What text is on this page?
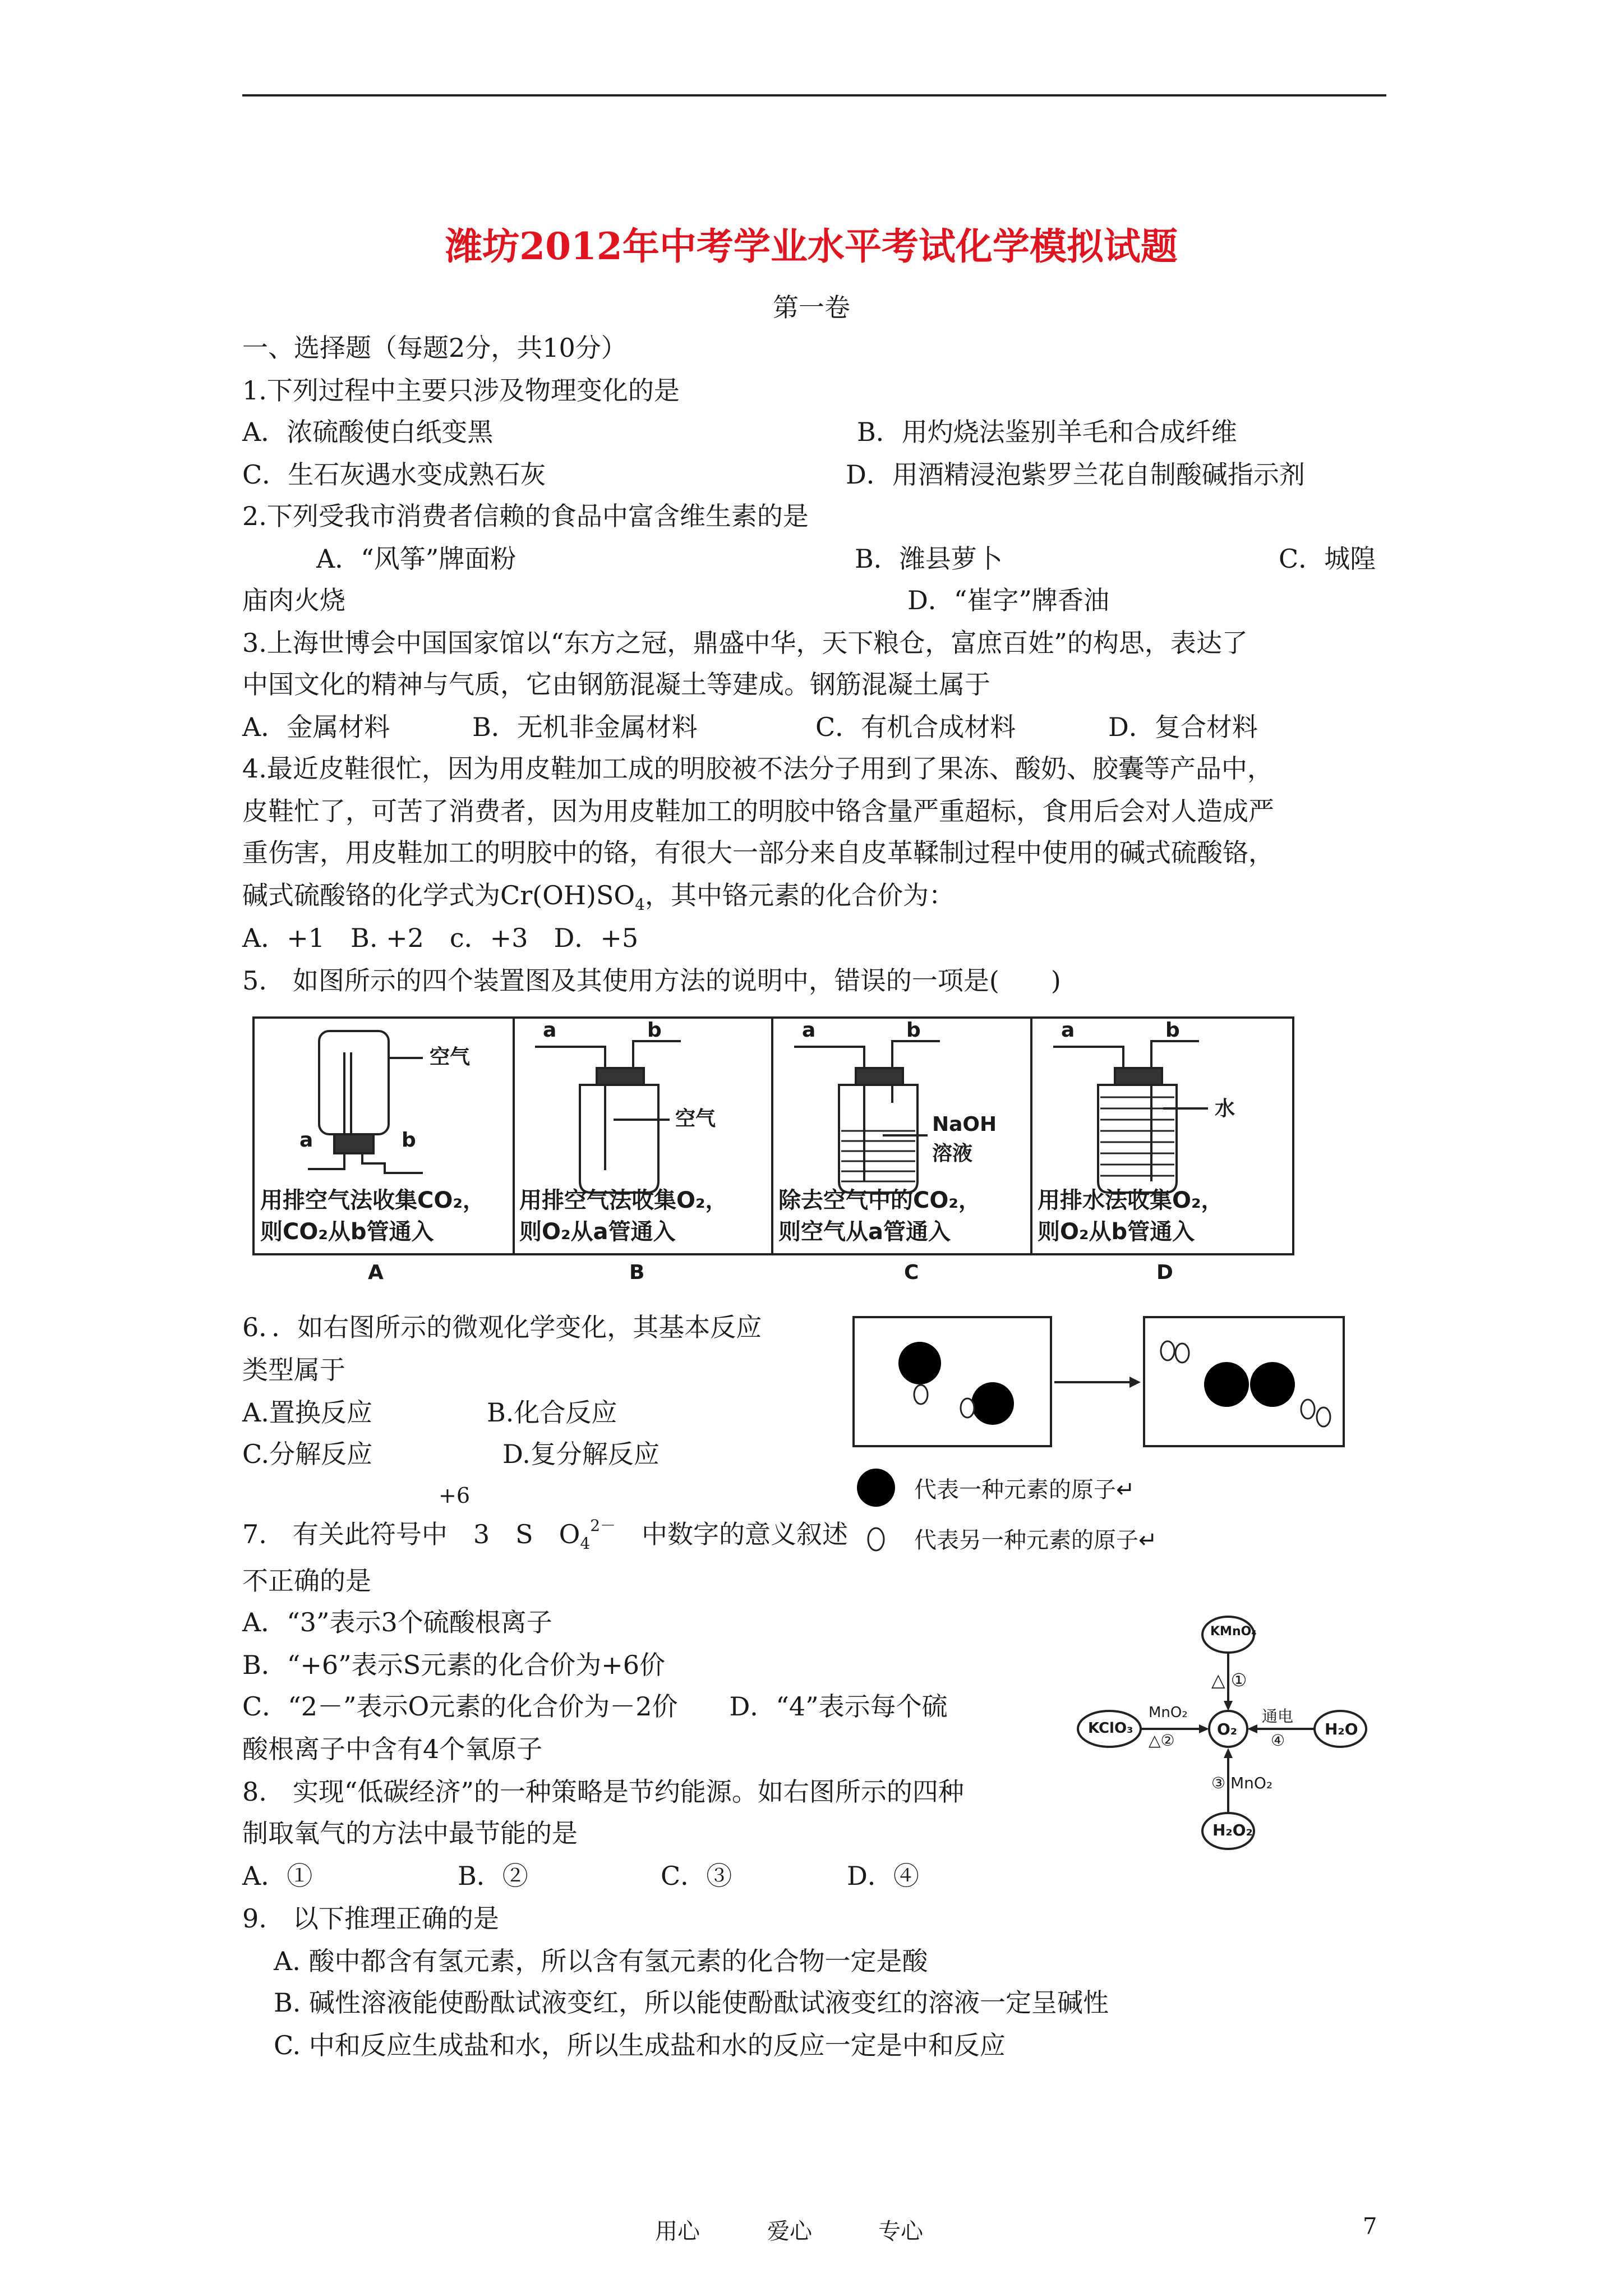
潍坊2012年中考学业水平考试化学模拟试题
第一卷
一、选择题（每题2分，共10分）
1.下列过程中主要只涉及物理变化的是
A．浓硫酸使白纸变黑	B．用灼烧法鉴别羊毛和合成纤维
C．生石灰遇水变成熟石灰	D．用酒精浸泡紫罗兰花自制酸碱指示剂
2.下列受我市消费者信赖的食品中富含维生素的是
A．“风筝”牌面粉	B．潍县萝卜	C．城隍
庙肉火烧	D．“崔字”牌香油
3.上海世博会中国国家馆以“东方之冠，鼎盛中华，天下粮仓，富庶百姓”的构思，表达了
中国文化的精神与气质，它由钢筋混凝土等建成。钢筋混凝土属于
A．金属材料	B．无机非金属材料	C．有机合成材料	D．复合材料
4.最近皮鞋很忙，因为用皮鞋加工成的明胶被不法分子用到了果冻、酸奶、胶囊等产品中，
皮鞋忙了，可苦了消费者，因为用皮鞋加工的明胶中铬含量严重超标，食用后会对人造成严
重伤害，用皮鞋加工的明胶中的铬，有很大一部分来自皮革鞣制过程中使用的碱式硫酸铬，
碱式硫酸铬的化学式为$Cr(OH)SO_4$，其中铬元素的化合价为：
A．+1　B. +2　c．+3　D．+5
5.　如图所示的四个装置图及其使用方法的说明中，错误的一项是(　　)
空气
a	b
用排空气法收集CO₂，
则CO₂从b管通入
a	b
空气
用排空气法收集O₂，
则O₂从a管通入
a	b
NaOH
溶液
除去空气中的CO₂，
则空气从a管通入
a	b
水
用排水法收集O₂，
则O₂从b管通入
A	B	C	D
6．．如右图所示的微观化学变化，其基本反应
类型属于
A.置换反应	B.化合反应
C.分解反应	D.复分解反应
代表一种元素的原子↵
代表另一种元素的原子↵
+6
7.　有关此符号中　3　S　$O_4^{2-}$　中数字的意义叙述
不正确的是
A．“3”表示3个硫酸根离子
B．“+6”表示S元素的化合价为+6价
C．“2－”表示O元素的化合价为－2价　　D．“4”表示每个硫
酸根离子中含有4个氧原子
KMnO₄
O₂
KClO₃	H₂O
H₂O₂
△ ①
MnO₂
△②
通电
④
③ MnO₂
8.　实现“低碳经济”的一种策略是节约能源。如右图所示的四种
制取氧气的方法中最节能的是
A．①	B．②	C．③	D．④
9.　以下推理正确的是
A. 酸中都含有氢元素，所以含有氢元素的化合物一定是酸
B. 碱性溶液能使酚酞试液变红，所以能使酚酞试液变红的溶液一定呈碱性
C. 中和反应生成盐和水，所以生成盐和水的反应一定是中和反应
用心	爱心	专心	7
